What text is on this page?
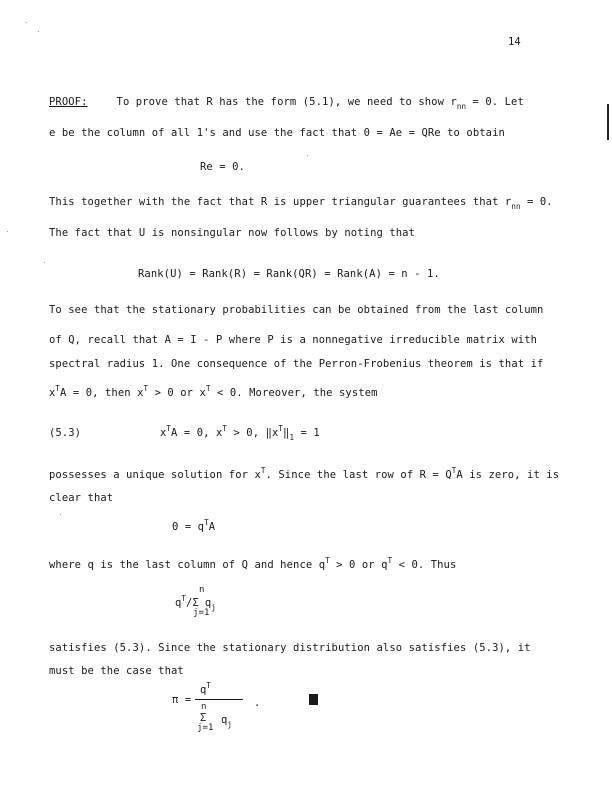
14
PROOF:	To prove that R has the form (5.1), we need to show $r_{nn} = 0$. Let
e be the column of all 1's and use the fact that 0 = Ae = QRe to obtain
Re = 0.
This together with the fact that R is upper triangular guarantees that $r_{nn} = 0$.
The fact that U is nonsingular now follows by noting that
Rank(U) = Rank(R) = Rank(QR) = Rank(A) = n - 1.
To see that the stationary probabilities can be obtained from the last column
of Q, recall that A = I - P where P is a nonnegative irreducible matrix with
spectral radius 1. One consequence of the Perron-Frobenius theorem is that if
$x^TA = 0$, then $x^T > 0$ or $x^T < 0$. Moreover, the system
(5.3)	$x^TA = 0$, $x^T > 0$, $‖x^T‖_1 = 1$
possesses a unique solution for $x^T$. Since the last row of $R = Q^TA$ is zero, it is
clear that
$0 = q^TA$
where q is the last column of Q and hence $q^T > 0$ or $q^T < 0$. Thus
$q^T/\Sigma$ $q_j$
n
j=1
satisfies (5.3). Since the stationary distribution also satisfies (5.3), it
must be the case that
π =
$q^T$
n
Σ $q_j$
j=1
.
